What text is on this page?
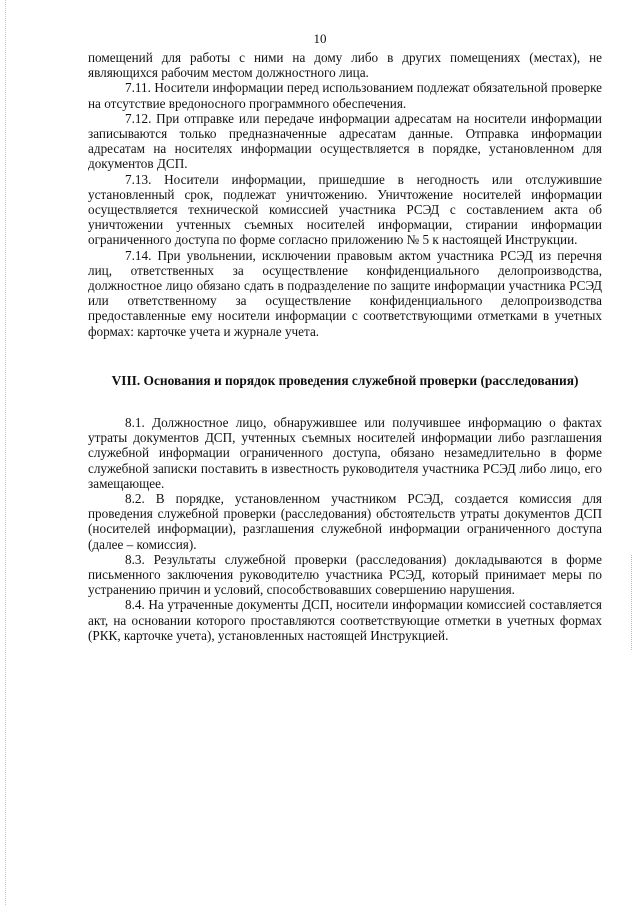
10

помещений для работы с ними на дому либо в других помещениях (местах), не являющихся рабочим местом должностного лица.

7.11. Носители информации перед использованием подлежат обязательной проверке на отсутствие вредоносного программного обеспечения.

7.12. При отправке или передаче информации адресатам на носители информации записываются только предназначенные адресатам данные. Отправка информации адресатам на носителях информации осуществляется в порядке, установленном для документов ДСП.

7.13. Носители информации, пришедшие в негодность или отслужившие установленный срок, подлежат уничтожению. Уничтожение носителей информации осуществляется технической комиссией участника РСЭД с составлением акта об уничтожении учтенных съемных носителей информации, стирании информации ограниченного доступа по форме согласно приложению № 5 к настоящей Инструкции.

7.14. При увольнении, исключении правовым актом участника РСЭД из перечня лиц, ответственных за осуществление конфиденциального делопроизводства, должностное лицо обязано сдать в подразделение по защите информации участника РСЭД или ответственному за осуществление конфиденциального делопроизводства предоставленные ему носители информации с соответствующими отметками в учетных формах: карточке учета и журнале учета.

VIII. Основания и порядок проведения служебной проверки (расследования)

8.1. Должностное лицо, обнаружившее или получившее информацию о фактах утраты документов ДСП, учтенных съемных носителей информации либо разглашения служебной информации ограниченного доступа, обязано незамедлительно в форме служебной записки поставить в известность руководителя участника РСЭД либо лицо, его замещающее.

8.2. В порядке, установленном участником РСЭД, создается комиссия для проведения служебной проверки (расследования) обстоятельств утраты документов ДСП (носителей информации), разглашения служебной информации ограниченного доступа (далее – комиссия).

8.3. Результаты служебной проверки (расследования) докладываются в форме письменного заключения руководителю участника РСЭД, который принимает меры по устранению причин и условий, способствовавших совершению нарушения.

8.4. На утраченные документы ДСП, носители информации комиссией составляется акт, на основании которого проставляются соответствующие отметки в учетных формах (РКК, карточке учета), установленных настоящей Инструкцией.
